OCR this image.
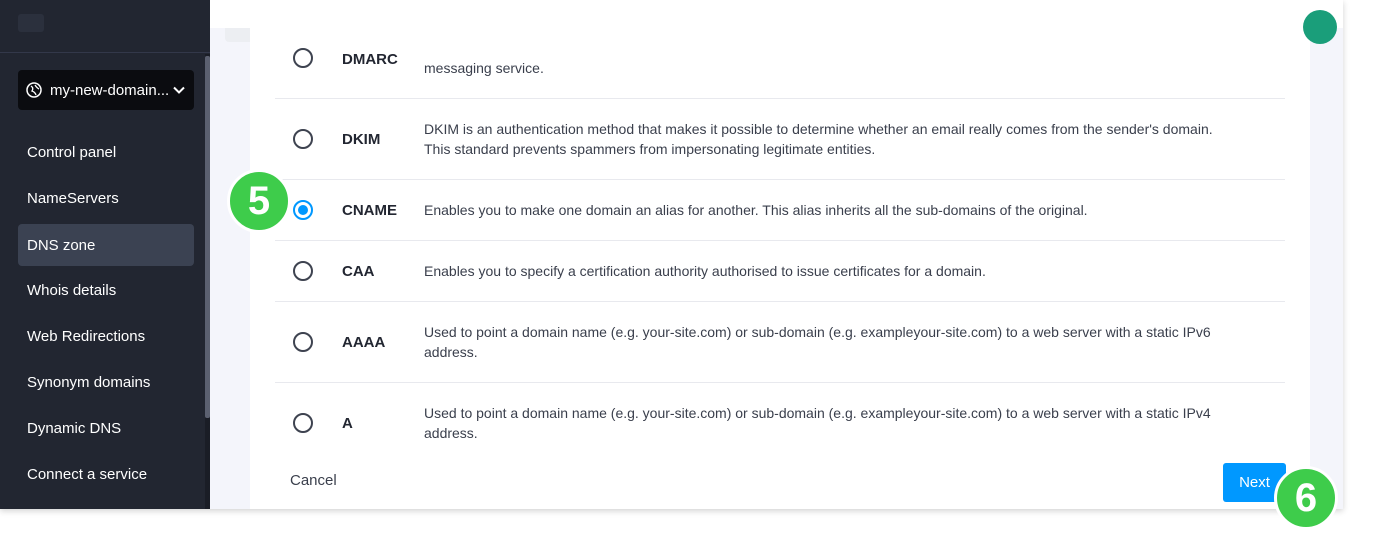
my-new-domain...
Control panel
NameServers
DNS zone
Whois details
Web Redirections
Synonym domains
Dynamic DNS
Connect a service
DMARC messaging service.
DKIM
DKIM is an authentication method that makes it possible to determine whether an email really comes from the sender's domain.
This standard prevents spammers from impersonating legitimate entities.
CNAME Enables you to make one domain an alias for another. This alias inherits all the sub-domains of the original.
CAA	Enables you to specify a certification authority authorised to issue certificates for a domain.
AAAA
Used to point a domain name (e.g. your-site.com) or sub-domain (e.g. exampleyour-site.com) to a web server with a static IPv6
address.
A
Used to point a domain name (e.g. your-site.com) or sub-domain (e.g. exampleyour-site.com) to a web server with a static IPv4
address.
Cancel	Next
5
6
